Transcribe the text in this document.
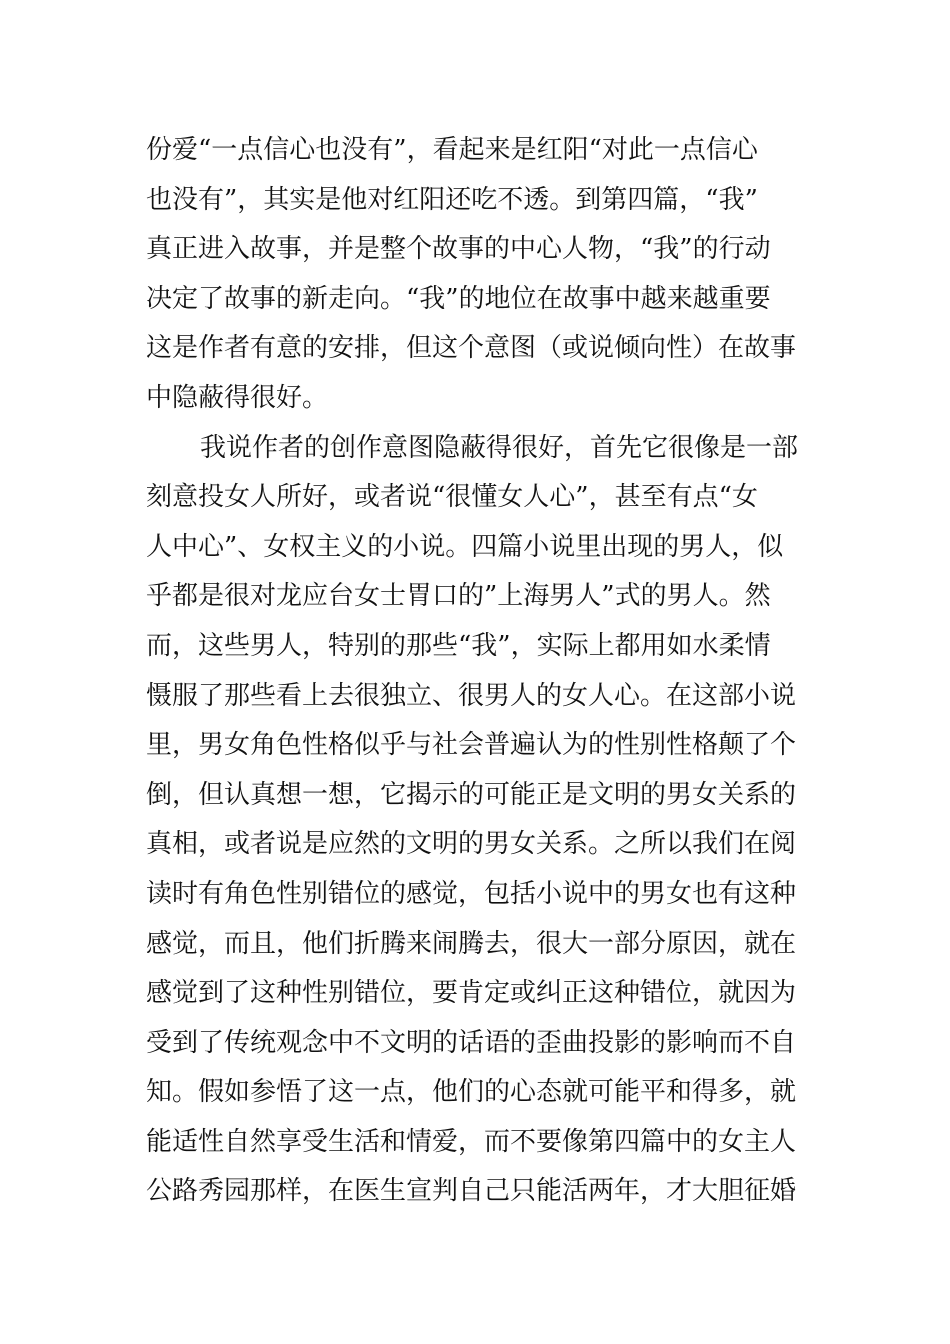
份爱“一点信心也没有”，看起来是红阳“对此一点信心
也没有”，其实是他对红阳还吃不透。到第四篇，“我”
真正进入故事，并是整个故事的中心人物，“我”的行动
决定了故事的新走向。“我”的地位在故事中越来越重要
这是作者有意的安排，但这个意图（或说倾向性）在故事
中隐蔽得很好。
我说作者的创作意图隐蔽得很好，首先它很像是一部
刻意投女人所好，或者说“很懂女人心”，甚至有点“女
人中心”、女权主义的小说。四篇小说里出现的男人，似
乎都是很对龙应台女士胃口的”上海男人”式的男人。然
而，这些男人，特别的那些“我”，实际上都用如水柔情
慑服了那些看上去很独立、很男人的女人心。在这部小说
里，男女角色性格似乎与社会普遍认为的性别性格颠了个
倒，但认真想一想，它揭示的可能正是文明的男女关系的
真相，或者说是应然的文明的男女关系。之所以我们在阅
读时有角色性别错位的感觉，包括小说中的男女也有这种
感觉，而且，他们折腾来闹腾去，很大一部分原因，就在
感觉到了这种性别错位，要肯定或纠正这种错位，就因为
受到了传统观念中不文明的话语的歪曲投影的影响而不自
知。假如参悟了这一点，他们的心态就可能平和得多，就
能适性自然享受生活和情爱，而不要像第四篇中的女主人
公路秀园那样，在医生宣判自己只能活两年，才大胆征婚
